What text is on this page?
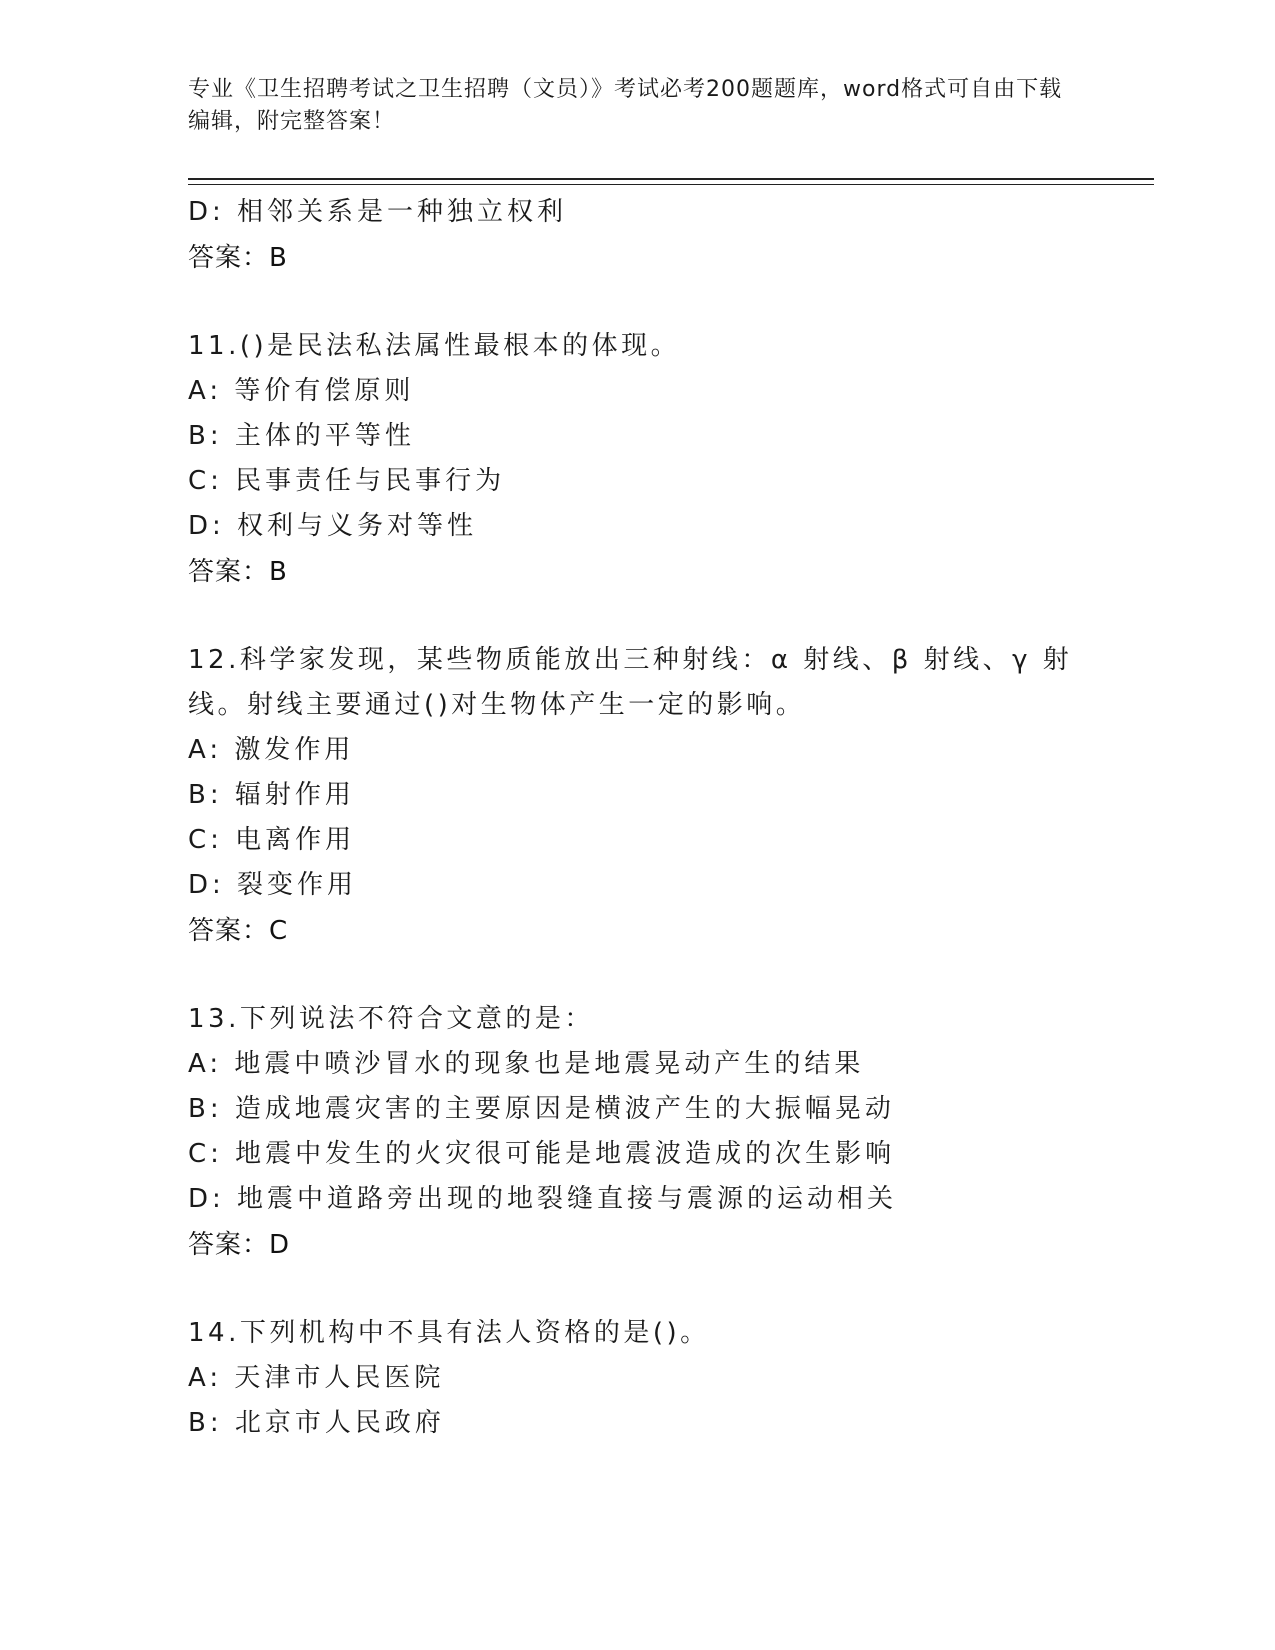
专业《卫生招聘考试之卫生招聘（文员）》考试必考200题题库，word格式可自由下载编辑，附完整答案！
D: 相邻关系是一种独立权利
答案：B
11.()是民法私法属性最根本的体现。
A: 等价有偿原则
B: 主体的平等性
C: 民事责任与民事行为
D: 权利与义务对等性
答案：B
12.科学家发现，某些物质能放出三种射线：α 射线、β 射线、γ 射线。射线主要通过()对生物体产生一定的影响。
A: 激发作用
B: 辐射作用
C: 电离作用
D: 裂变作用
答案：C
13.下列说法不符合文意的是：
A: 地震中喷沙冒水的现象也是地震晃动产生的结果
B: 造成地震灾害的主要原因是横波产生的大振幅晃动
C: 地震中发生的火灾很可能是地震波造成的次生影响
D: 地震中道路旁出现的地裂缝直接与震源的运动相关
答案：D
14.下列机构中不具有法人资格的是()。
A: 天津市人民医院
B: 北京市人民政府
